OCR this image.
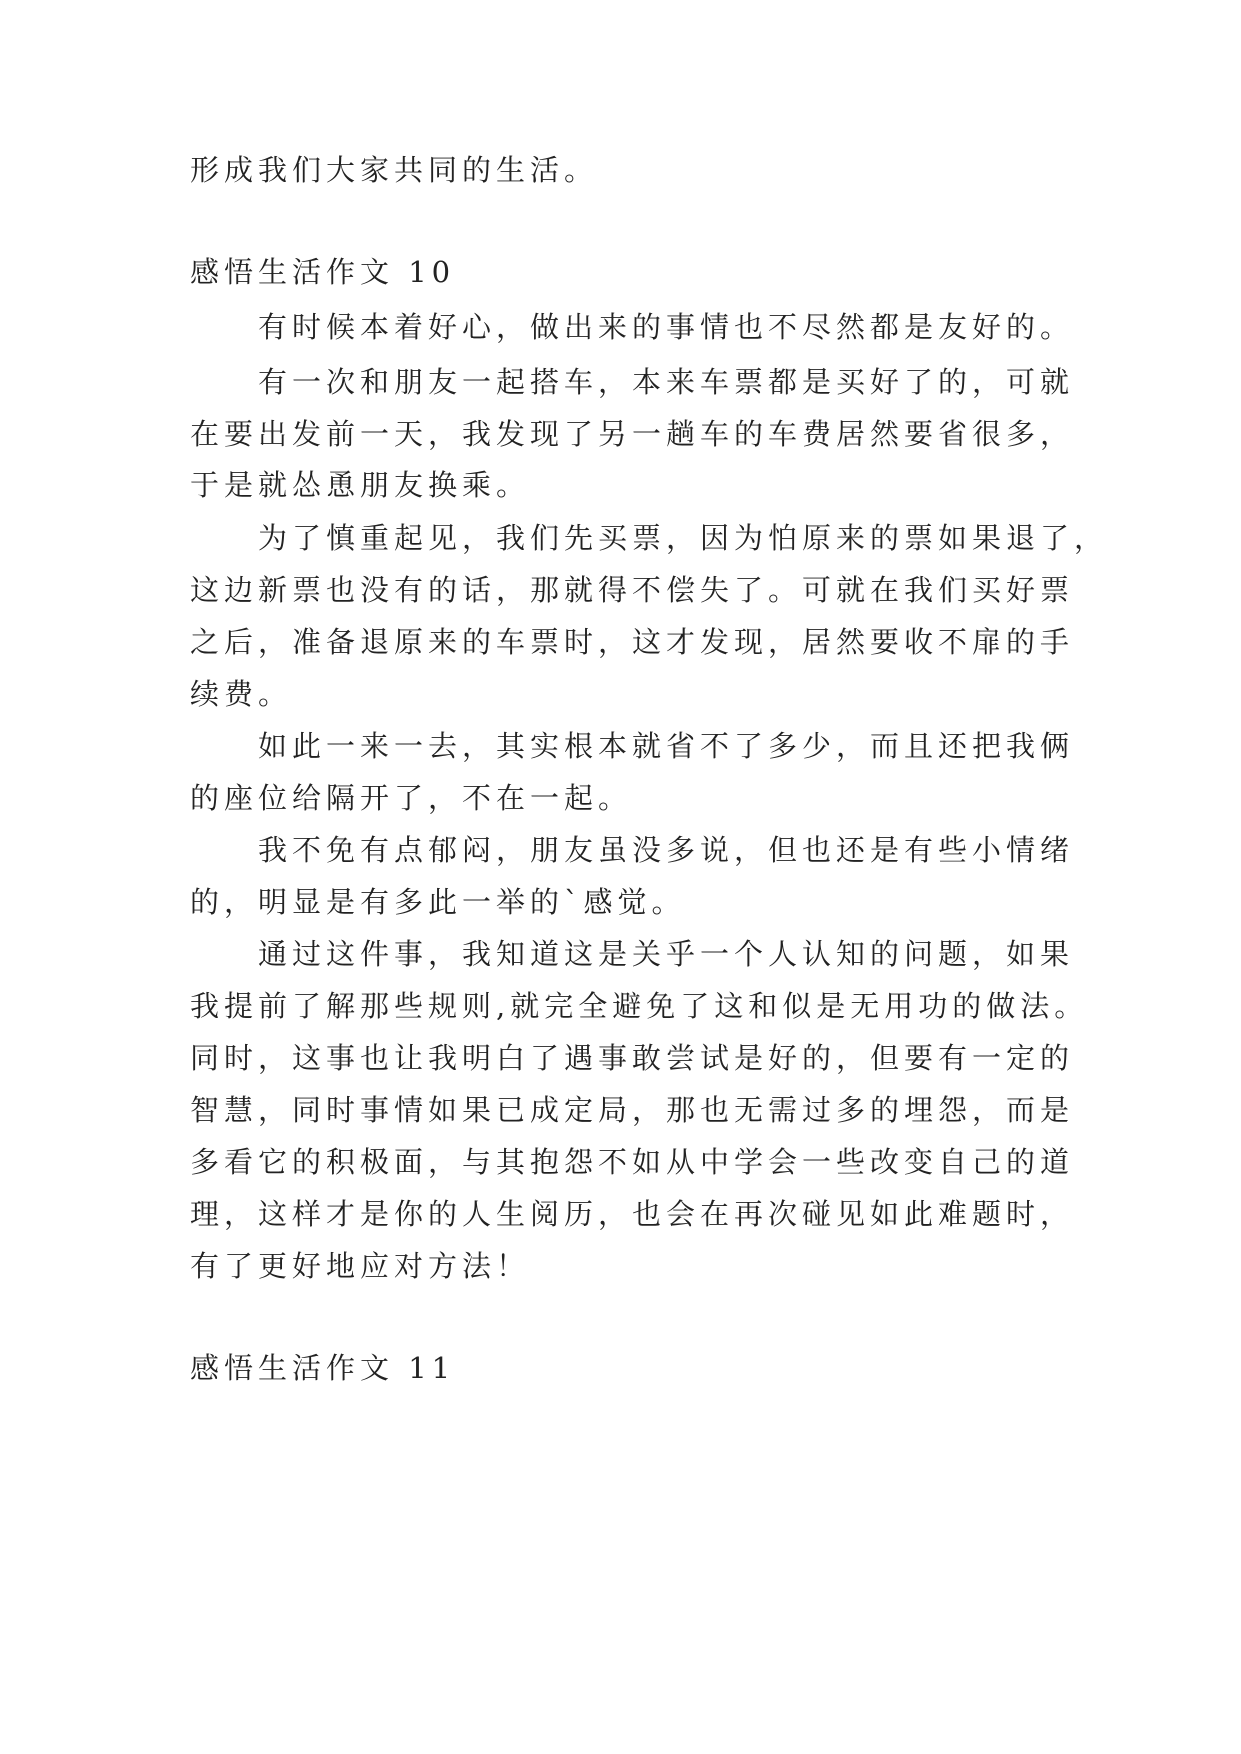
形成我们大家共同的生活。
感悟生活作文 10
有时候本着好心，做出来的事情也不尽然都是友好的。
有一次和朋友一起搭车，本来车票都是买好了的，可就
在要出发前一天，我发现了另一趟车的车费居然要省很多，
于是就怂恿朋友换乘。
为了慎重起见，我们先买票，因为怕原来的票如果退了，
这边新票也没有的话，那就得不偿失了。可就在我们买好票
之后，准备退原来的车票时，这才发现，居然要收不扉的手
续费。
如此一来一去，其实根本就省不了多少，而且还把我俩
的座位给隔开了，不在一起。
我不免有点郁闷，朋友虽没多说，但也还是有些小情绪
的，明显是有多此一举的`感觉。
通过这件事，我知道这是关乎一个人认知的问题，如果
我提前了解那些规则,就完全避免了这和似是无用功的做法。
同时，这事也让我明白了遇事敢尝试是好的，但要有一定的
智慧，同时事情如果已成定局，那也无需过多的埋怨，而是
多看它的积极面，与其抱怨不如从中学会一些改变自己的道
理，这样才是你的人生阅历，也会在再次碰见如此难题时，
有了更好地应对方法！
感悟生活作文 11
